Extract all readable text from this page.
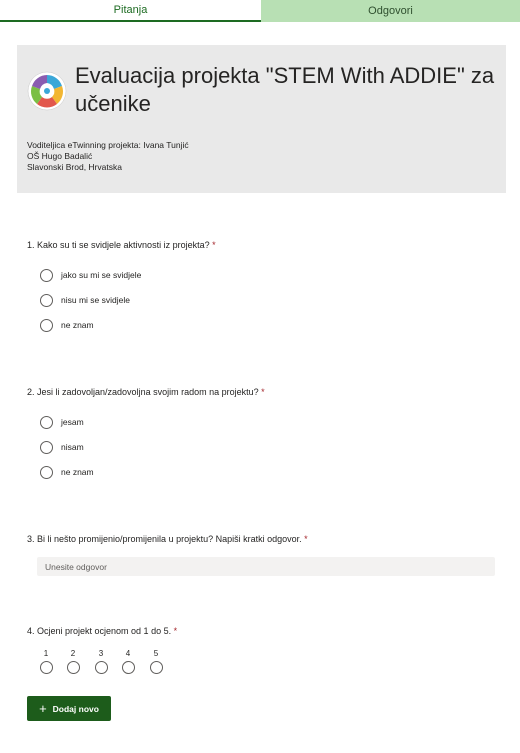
Pitanja	Odgovori
Evaluacija projekta "STEM With ADDIE" za učenike
Voditeljica eTwinning projekta: Ivana Tunjić
OŠ Hugo Badalić
Slavonski Brod, Hrvatska
1. Kako su ti se svidjele aktivnosti iz projekta? *
jako su mi se svidjele
nisu mi se svidjele
ne znam
2. Jesi li zadovoljan/zadovoljna svojim radom na projektu? *
jesam
nisam
ne znam
3. Bi li nešto promijenio/promijenila u projektu? Napiši kratki odgovor. *
Unesite odgovor
4. Ocjeni projekt ocjenom od 1 do 5. *
1	2	3	4	5
+ Dodaj novo
